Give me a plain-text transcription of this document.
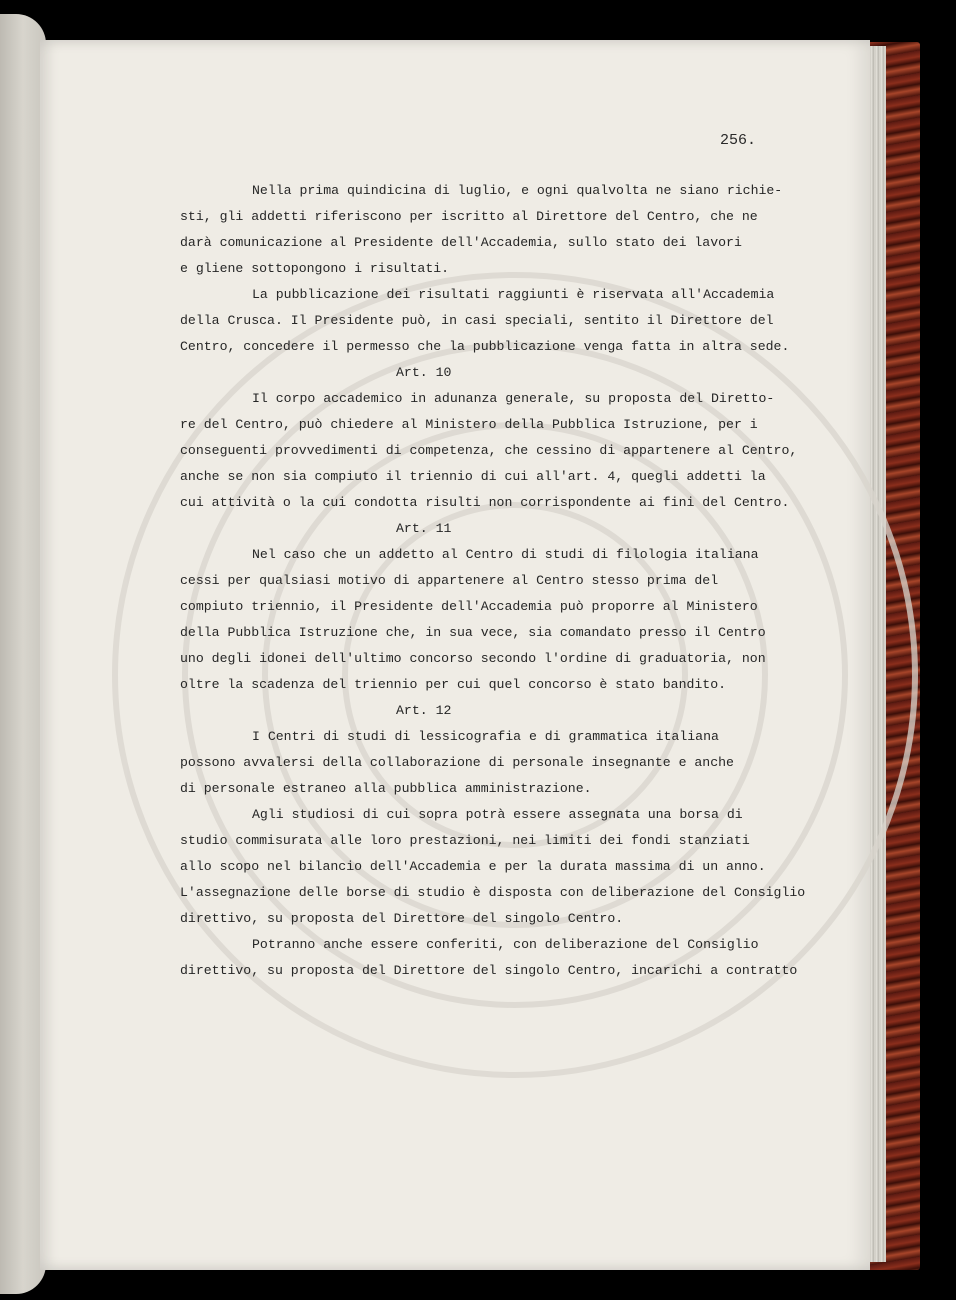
256.
Nella prima quindicina di luglio, e ogni qualvolta ne siano richie-
sti, gli addetti riferiscono per iscritto al Direttore del Centro, che ne
darà comunicazione al Presidente dell'Accademia, sullo stato dei lavori
e gliene sottopongono i risultati.
La pubblicazione dei risultati raggiunti è riservata all'Accademia
della Crusca. Il Presidente può, in casi speciali, sentito il Direttore del
Centro, concedere il permesso che la pubblicazione venga fatta in altra sede.
Art. 10
Il corpo accademico in adunanza generale, su proposta del Diretto-
re del Centro, può chiedere al Ministero della Pubblica Istruzione, per i
conseguenti provvedimenti di competenza, che cessino di appartenere al Centro,
anche se non sia compiuto il triennio di cui all'art. 4, quegli addetti la
cui attività o la cui condotta risulti non corrispondente ai fini del Centro.
Art. 11
Nel caso che un addetto al Centro di studi di filologia italiana
cessi per qualsiasi motivo di appartenere al Centro stesso prima del
compiuto triennio, il Presidente dell'Accademia può proporre al Ministero
della Pubblica Istruzione che, in sua vece, sia comandato presso il Centro
uno degli idonei dell'ultimo concorso secondo l'ordine di graduatoria, non
oltre la scadenza del triennio per cui quel concorso è stato bandito.
Art. 12
I Centri di studi di lessicografia e di grammatica italiana
possono avvalersi della collaborazione di personale insegnante e anche
di personale estraneo alla pubblica amministrazione.
Agli studiosi di cui sopra potrà essere assegnata una borsa di
studio commisurata alle loro prestazioni, nei limiti dei fondi stanziati
allo scopo nel bilancio dell'Accademia e per la durata massima di un anno.
L'assegnazione delle borse di studio è disposta con deliberazione del Consiglio
direttivo, su proposta del Direttore del singolo Centro.
Potranno anche essere conferiti, con deliberazione del Consiglio
direttivo, su proposta del Direttore del singolo Centro, incarichi a contratto
